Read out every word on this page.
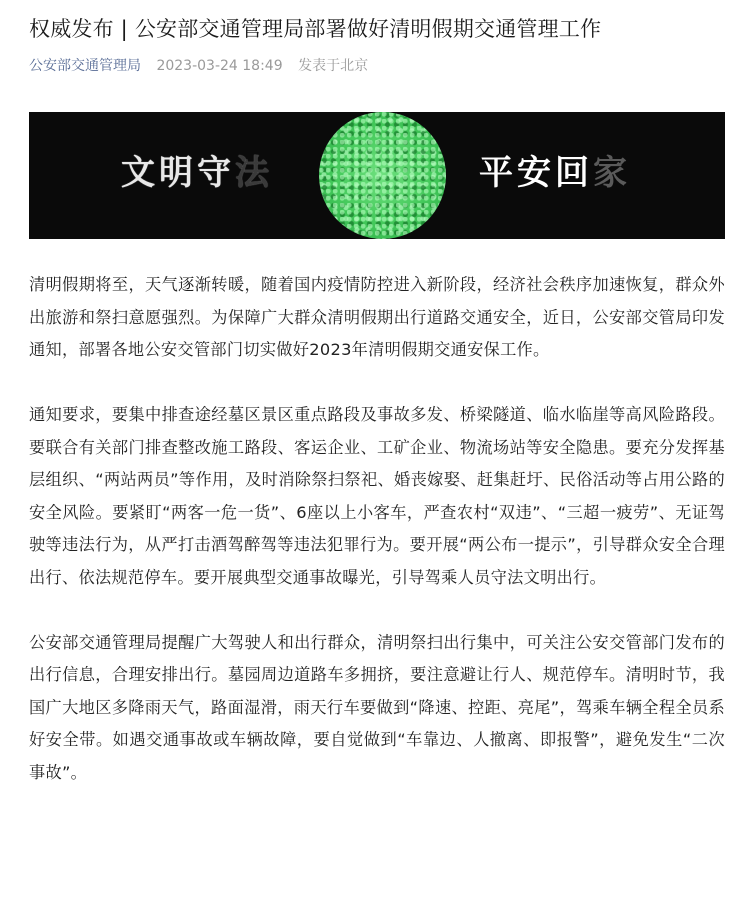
权威发布 | 公安部交通管理局部署做好清明假期交通管理工作
公安部交通管理局 2023-03-24 18:49 发表于北京
文明守法	平安回家

清明假期将至，天气逐渐转暖，随着国内疫情防控进入新阶段，经济社会秩序加速恢复，群众外出旅游和祭扫意愿强烈。为保障广大群众清明假期出行道路交通安全，近日，公安部交管局印发通知，部署各地公安交管部门切实做好2023年清明假期交通安保工作。

通知要求，要集中排查途经墓区景区重点路段及事故多发、桥梁隧道、临水临崖等高风险路段。要联合有关部门排查整改施工路段、客运企业、工矿企业、物流场站等安全隐患。要充分发挥基层组织、“两站两员”等作用，及时消除祭扫祭祀、婚丧嫁娶、赶集赶圩、民俗活动等占用公路的安全风险。要紧盯“两客一危一货”、6座以上小客车，严查农村“双违”、“三超一疲劳”、无证驾驶等违法行为，从严打击酒驾醉驾等违法犯罪行为。要开展“两公布一提示”，引导群众安全合理出行、依法规范停车。要开展典型交通事故曝光，引导驾乘人员守法文明出行。

公安部交通管理局提醒广大驾驶人和出行群众，清明祭扫出行集中，可关注公安交管部门发布的出行信息，合理安排出行。墓园周边道路车多拥挤，要注意避让行人、规范停车。清明时节，我国广大地区多降雨天气，路面湿滑，雨天行车要做到“降速、控距、亮尾”，驾乘车辆全程全员系好安全带。如遇交通事故或车辆故障，要自觉做到“车靠边、人撤离、即报警”，避免发生“二次事故”。
